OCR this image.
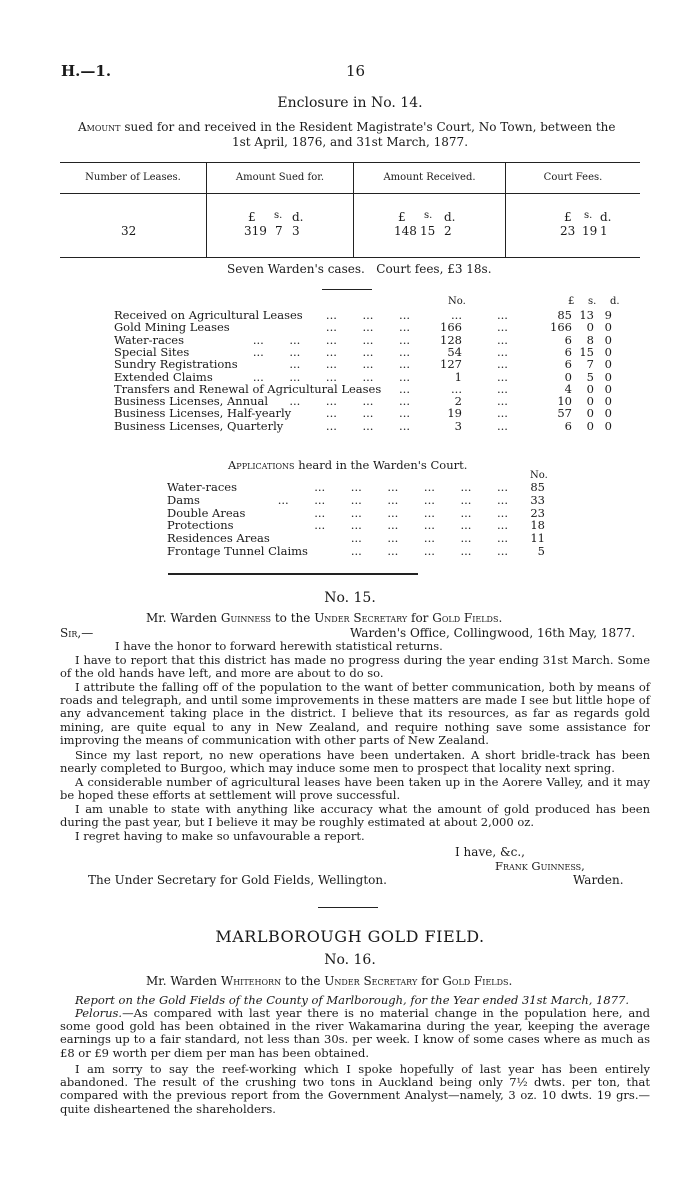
H.—1.	16
Enclosure in No. 14.
Amount sued for and received in the Resident Magistrate's Court, No Town, between the
1st April, 1876, and 31st March, 1877.
Number of Leases.	Amount Sued for.	Amount Received.	Court Fees.
£ s. d.	£ s. d.	£ s. d.
32	319 7 3	148 15 2	23 19 1
Seven Warden's cases.   Court fees, £3 18s.
No.	£ s. d.
Received on Agricultural Leases ...       ...       ...	...	...	85 13 9
Gold Mining Leases	...       ...       ...	166	...	166 0 0
Water-races	...       ...       ...       ...       ...	128	...	6 8 0
Special Sites	...       ...       ...       ...       ...	54	...	6 15 0
Sundry Registrations	...       ...       ...       ...	127	...	6 7 0
Extended Claims	...       ...       ...       ...       ...	1	...	0 5 0
Transfers and Renewal of Agricultural Leases ...	...	...	4 0 0
Business Licenses, Annual ...       ...       ...       ...	2	...	10 0 0
Business Licenses, Half-yearly	...       ...       ...	19	...	57 0 0
Business Licenses, Quarterly	...       ...       ...	3	...	6 0 0
Applications heard in the Warden's Court.
No.
Water-races	...       ...       ...       ...       ...       ... 85
Dams	...       ...       ...       ...       ...       ...       ... 33
Double Areas	...       ...       ...       ...       ...       ... 23
Protections	...       ...       ...       ...       ...       ... 18
Residences Areas	...       ...       ...       ...       ... 11
Frontage Tunnel Claims	...       ...       ...       ...       ...	5
No. 15.
Mr. Warden Guinness to the Under Secretary for Gold Fields.
Sir,—	Warden's Office, Collingwood, 16th May, 1877.

I have the honor to forward herewith statistical returns.

I have to report that this district has made no progress during the year ending 31st March. Some of the old hands have left, and more are about to do so.

I attribute the falling off of the population to the want of better communication, both by means of roads and telegraph, and until some improvements in these matters are made I see but little hope of any advancement taking place in the district. I believe that its resources, as far as regards gold mining, are quite equal to any in New Zealand, and require nothing save some assistance for improving the means of communication with other parts of New Zealand.

Since my last report, no new operations have been undertaken. A short bridle-track has been nearly completed to Burgoo, which may induce some men to prospect that locality next spring.

A considerable number of agricultural leases have been taken up in the Aorere Valley, and it may be hoped these efforts at settlement will prove successful.

I am unable to state with anything like accuracy what the amount of gold produced has been during the past year, but I believe it may be roughly estimated at about 2,000 oz.

I regret having to make so unfavourable a report.

I have, &c.,
Frank Guinness,
The Under Secretary for Gold Fields, Wellington.	Warden.
MARLBOROUGH GOLD FIELD.
No. 16.
Mr. Warden Whitehorn to the Under Secretary for Gold Fields.
Report on the Gold Fields of the County of Marlborough, for the Year ended 31st March, 1877.

Pelorus.—As compared with last year there is no material change in the population here, and some good gold has been obtained in the river Wakamarina during the year, keeping the average earnings up to a fair standard, not less than 30s. per week. I know of some cases where as much as £8 or £9 worth per diem per man has been obtained.

I am sorry to say the reef-working which I spoke hopefully of last year has been entirely abandoned. The result of the crushing two tons in Auckland being only 7½ dwts. per ton, that compared with the previous report from the Government Analyst—namely, 3 oz. 10 dwts. 19 grs.—quite disheartened the shareholders.
